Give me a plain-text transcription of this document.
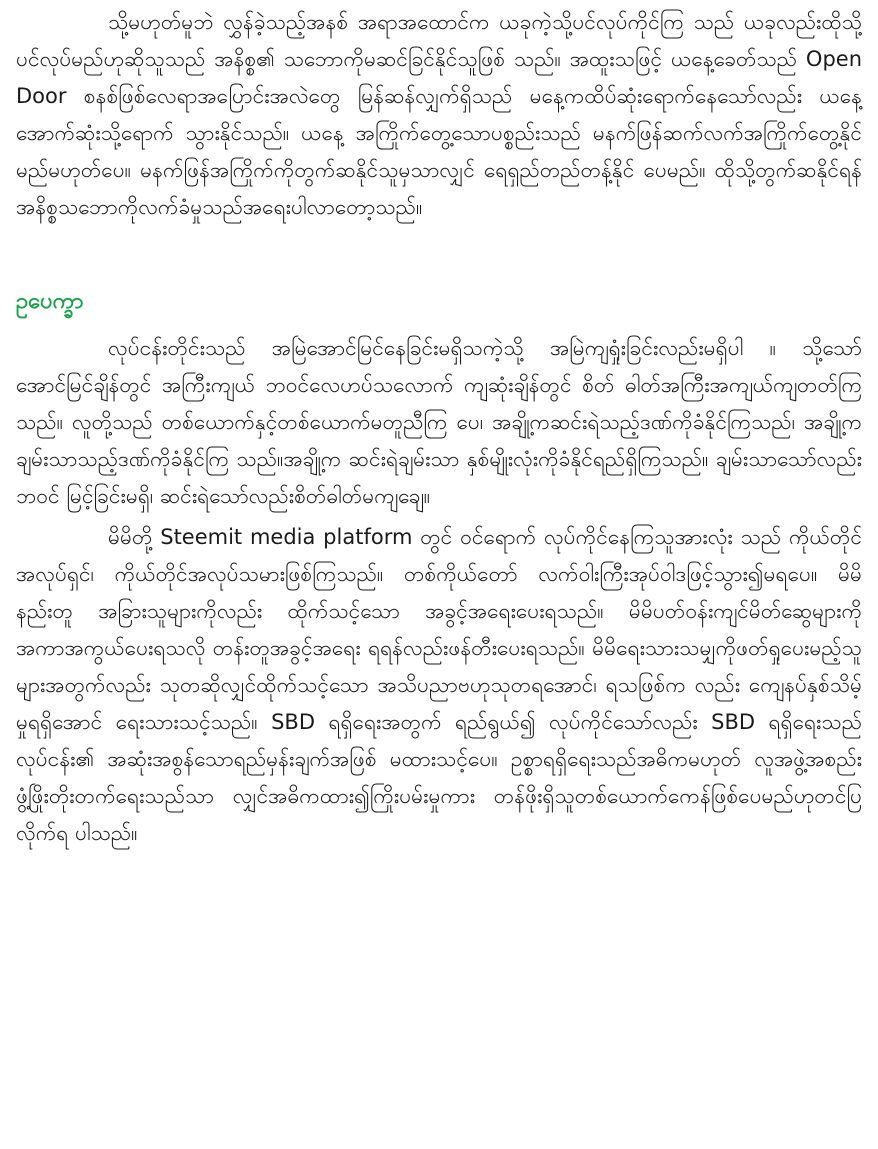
သို့မဟုတ်မူဘဲ လွှန်ခဲ့သည့်အနစ် အရာအထောင်က ယခုကဲ့သို့ပင်လုပ်ကိုင်ကြ သည် ယခုလည်းထိုသို့ပင်လုပ်မည်ဟုဆိုသူသည် အနိစ္စ၏ သဘောကိုမဆင်ခြင်နိုင်သူဖြစ် သည်။ အထူးသဖြင့် ယနေ့ခေတ်သည် Open Door စနစ်ဖြစ်လေရာအပြောင်းအလဲတွေ မြန်ဆန်လျှက်ရှိသည် မနေ့ကထိပ်ဆုံးရောက်နေသော်လည်း ယနေ့ အောက်ဆုံးသို့ရောက် သွားနိုင်သည်။ ယနေ့ အကြိုက်တွေ့သောပစ္စည်းသည် မနက်ဖြန်ဆက်လက်အကြိုက်တွေ့နိုင် မည်မဟုတ်ပေ။ မနက်ဖြန်အကြိုက်ကိုတွက်ဆနိုင်သူမှသာလျှင် ရေရှည်တည်တန့်နိုင် ပေမည်။ ထိုသို့တွက်ဆနိုင်ရန် အနိစ္စသဘောကိုလက်ခံမှုသည်အရေးပါလာတော့သည်။

ဥပေက္ခာ

လုပ်ငန်းတိုင်းသည် အမြဲအောင်မြင်နေခြင်းမရှိသကဲ့သို့ အမြဲကျရှုံးခြင်းလည်းမရှိပါ ။ သို့သော် အောင်မြင်ချိန်တွင် အကြီးကျယ် ဘဝင်လေဟပ်သလောက် ကျဆုံးချိန်တွင် စိတ် ဓါတ်အကြီးအကျယ်ကျတတ်ကြသည်။ လူတို့သည် တစ်ယောက်နှင့်တစ်ယောက်မတူညီကြ ပေ၊ အချို့ကဆင်းရဲသည့်ဒဏ်ကိုခံနိုင်ကြသည်၊ အချို့က ချမ်းသာသည့်ဒဏ်ကိုခံနိုင်ကြ သည်။အချို့က ဆင်းရဲချမ်းသာ နှစ်မျိုးလုံးကိုခံနိုင်ရည်ရှိကြသည်။ ချမ်းသာသော်လည်းဘဝင် မြင့်ခြင်းမရှိ၊ ဆင်းရဲသော်လည်းစိတ်ဓါတ်မကျချေ။

မိမိတို့ Steemit media platform တွင် ဝင်ရောက် လုပ်ကိုင်နေကြသူအားလုံး သည် ကိုယ်တိုင်အလုပ်ရှင်၊ ကိုယ်တိုင်အလုပ်သမားဖြစ်ကြသည်။ တစ်ကိုယ်တော် လက်ဝါးကြီးအုပ်ဝါဒဖြင့်သွား၍မရပေ။ မိမိနည်းတူ အခြားသူများကိုလည်း ထိုက်သင့်သော အခွင့်အရေးပေးရသည်။ မိမိပတ်ဝန်းကျင်မိတ်ဆွေများကို အကာအကွယ်ပေးရသလို တန်းတူအခွင့်အရေး ရရန်လည်းဖန်တီးပေးရသည်။ မိမိရေးသားသမျှကိုဖတ်ရှုပေးမည့်သူ များအတွက်လည်း သုတဆိုလျှင်ထိုက်သင့်သော အသိပညာဗဟုသုတရအောင်၊ ရသဖြစ်က လည်း ကျေနပ်နှစ်သိမ့်မှုရရှိအောင် ရေးသားသင့်သည်။ SBD ရရှိရေးအတွက် ရည်ရွယ်၍ လုပ်ကိုင်သော်လည်း SBD ရရှိရေးသည် လုပ်ငန်း၏ အဆုံးအစွန်သောရည်မှန်းချက်အဖြစ် မထားသင့်ပေ။ ဥစ္စာရရှိရေးသည်အဓိကမဟုတ် လူအဖွဲ့အစည်းဖွံ့ဖြိုးတိုးတက်ရေးသည်သာ လျှင်အဓိကထား၍ကြိုးပမ်းမှုကား တန်ဖိုးရှိသူတစ်ယောက်ကေန်ဖြစ်ပေမည်ဟုတင်ပြလိုက်ရ ပါသည်။
